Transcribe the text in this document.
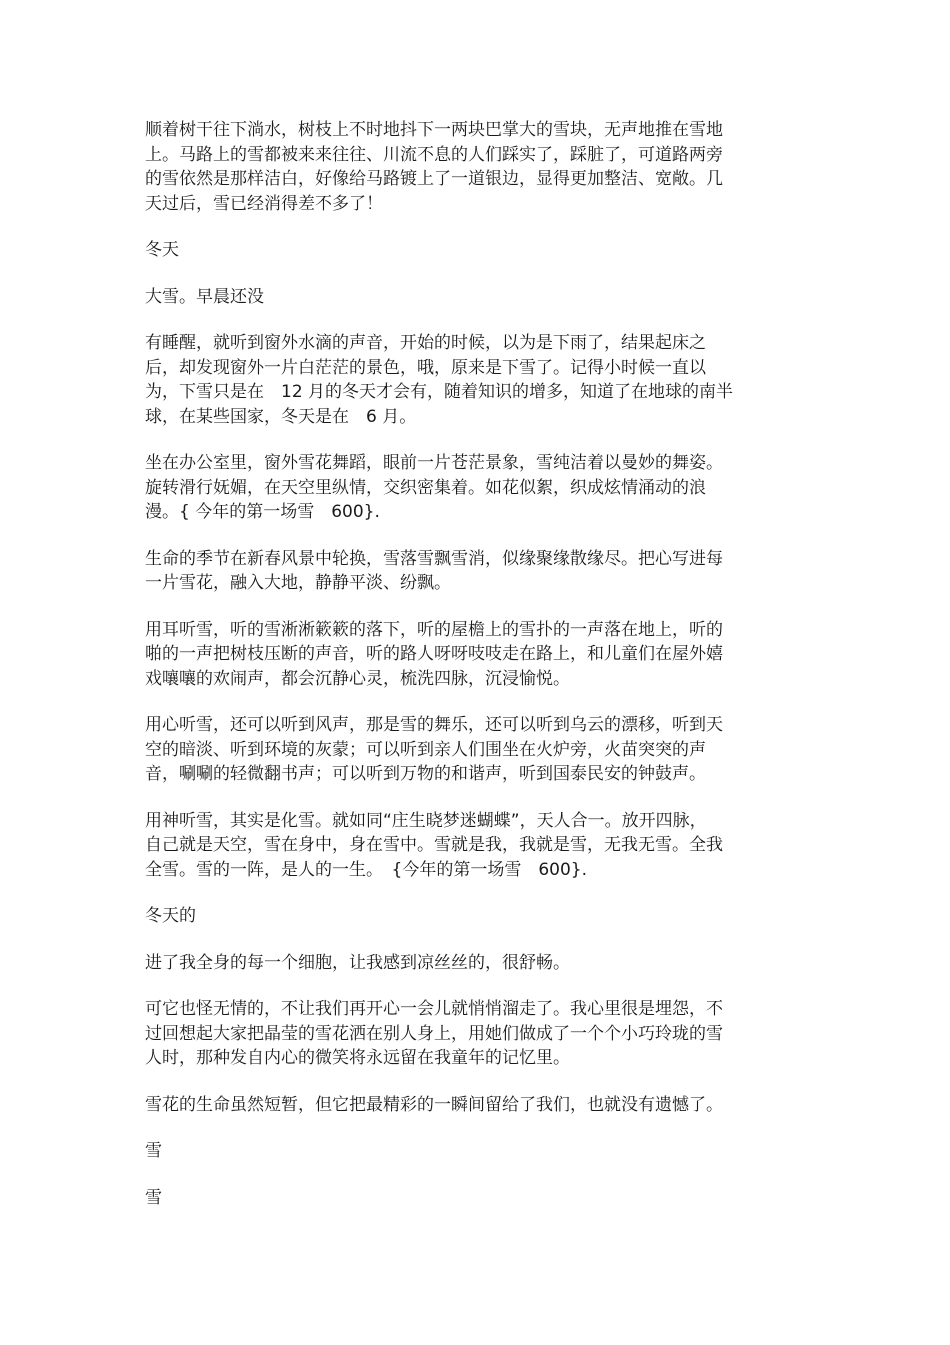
顺着树干往下淌水，树枝上不时地抖下一两块巴掌大的雪块，无声地推在雪地
上。马路上的雪都被来来往往、川流不息的人们踩实了，踩脏了，可道路两旁
的雪依然是那样洁白，好像给马路镀上了一道银边，显得更加整洁、宽敞。几
天过后，雪已经消得差不多了！
冬天
大雪。早晨还没
有睡醒，就听到窗外水滴的声音，开始的时候，以为是下雨了，结果起床之
后，却发现窗外一片白茫茫的景色，哦，原来是下雪了。记得小时候一直以
为，下雪只是在　12 月的冬天才会有，随着知识的增多，知道了在地球的南半
球，在某些国家，冬天是在　6 月。
坐在办公室里，窗外雪花舞蹈，眼前一片苍茫景象，雪纯洁着以曼妙的舞姿。
旋转滑行妩媚，在天空里纵情，交织密集着。如花似絮，织成炫情涌动的浪
漫。{ 今年的第一场雪　600}.
生命的季节在新春风景中轮换，雪落雪飘雪消，似缘聚缘散缘尽。把心写进每
一片雪花，融入大地，静静平淡、纷飘。
用耳听雪，听的雪淅淅簌簌的落下，听的屋檐上的雪扑的一声落在地上，听的
啪的一声把树枝压断的声音，听的路人呀呀吱吱走在路上，和儿童们在屋外嬉
戏嚷嚷的欢闹声，都会沉静心灵，梳洗四脉，沉浸愉悦。
用心听雪，还可以听到风声，那是雪的舞乐，还可以听到乌云的漂移，听到天
空的暗淡、听到环境的灰蒙；可以听到亲人们围坐在火炉旁，火苗突突的声
音，唰唰的轻微翻书声；可以听到万物的和谐声，听到国泰民安的钟鼓声。
用神听雪，其实是化雪。就如同“庄生晓梦迷蝴蝶”，天人合一。放开四脉，
自己就是天空，雪在身中，身在雪中。雪就是我，我就是雪，无我无雪。全我
全雪。雪的一阵，是人的一生。　{今年的第一场雪　600}.
冬天的
进了我全身的每一个细胞，让我感到凉丝丝的，很舒畅。
可它也怪无情的，不让我们再开心一会儿就悄悄溜走了。我心里很是埋怨，不
过回想起大家把晶莹的雪花洒在别人身上，用她们做成了一个个小巧玲珑的雪
人时，那种发自内心的微笑将永远留在我童年的记忆里。
雪花的生命虽然短暂，但它把最精彩的一瞬间留给了我们，也就没有遗憾了。
雪
雪
